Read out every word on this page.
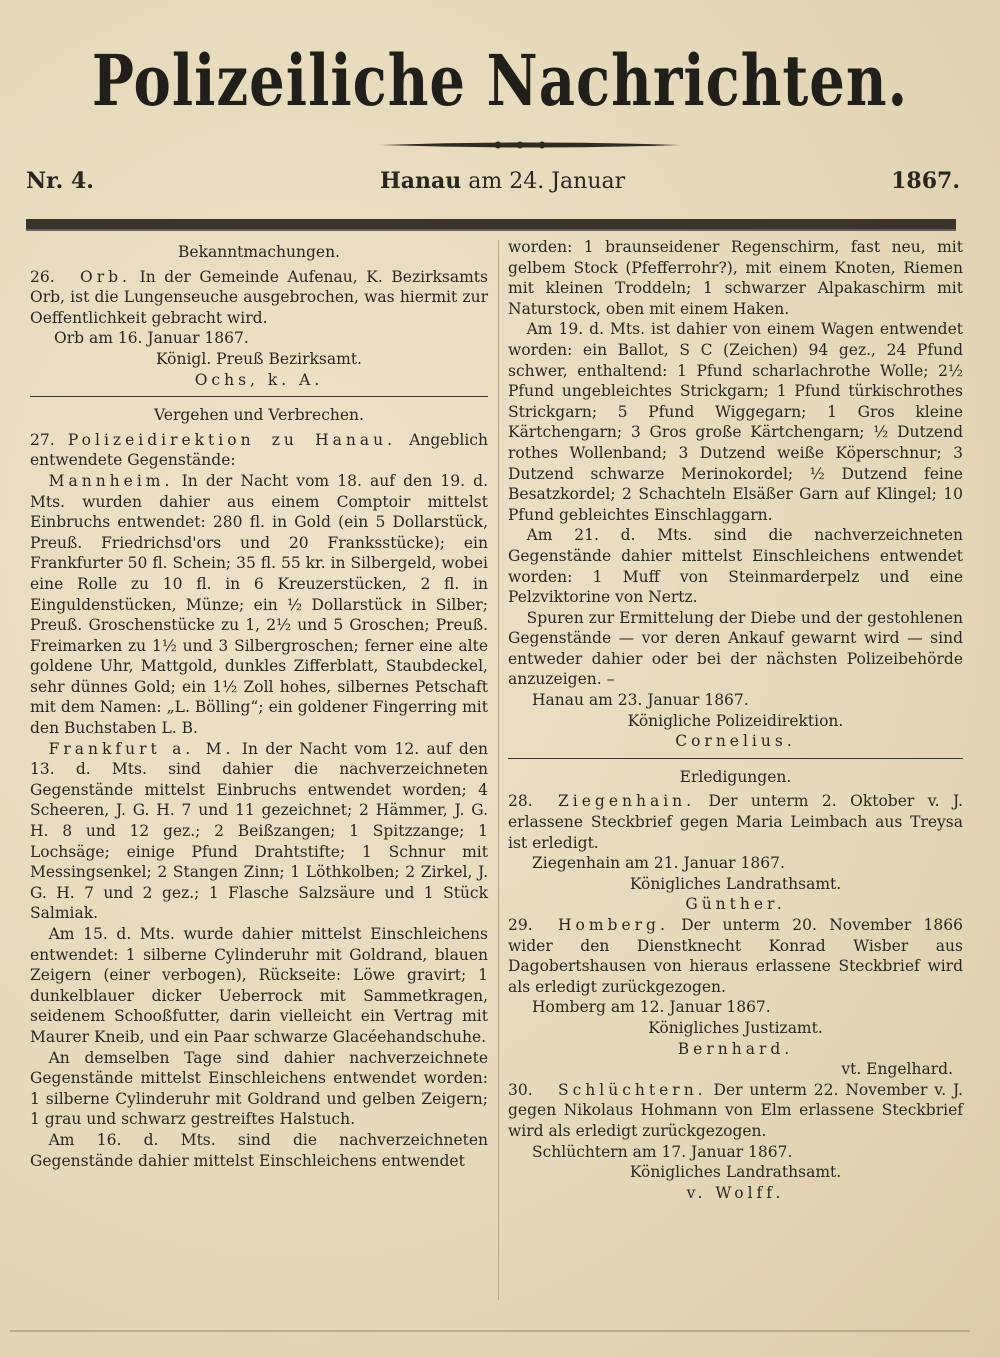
Polizeiliche Nachrichten.
Nr. 4.	Hanau am 24. Januar	1867.
Bekanntmachungen.

26. Orb. In der Gemeinde Aufenau, K. Bezirksamts Orb, ist die Lungenseuche ausgebrochen, was hiermit zur Oeffentlichkeit gebracht wird.

Orb am 16. Januar 1867.

Königl. Preuß Bezirksamt.

Ochs, k. A.

Vergehen und Verbrechen.

27. Polizeidirektion zu Hanau. Angeblich entwendete Gegenstände:

Mannheim. In der Nacht vom 18. auf den 19. d. Mts. wurden dahier aus einem Comptoir mittelst Einbruchs entwendet: 280 fl. in Gold (ein 5 Dollarstück, Preuß. Friedrichsd'ors und 20 Franksstücke); ein Frankfurter 50 fl. Schein; 35 fl. 55 kr. in Silbergeld, wobei eine Rolle zu 10 fl. in 6 Kreuzerstücken, 2 fl. in Einguldenstücken, Münze; ein ½ Dollarstück in Silber; Preuß. Groschenstücke zu 1, 2½ und 5 Groschen; Preuß. Freimarken zu 1½ und 3 Silbergroschen; ferner eine alte goldene Uhr, Mattgold, dunkles Zifferblatt, Staubdeckel, sehr dünnes Gold; ein 1½ Zoll hohes, silbernes Petschaft mit dem Namen: „L. Bölling“; ein goldener Fingerring mit den Buchstaben L. B.

Frankfurt a. M. In der Nacht vom 12. auf den 13. d. Mts. sind dahier die nachverzeichneten Gegenstände mittelst Einbruchs entwendet worden; 4 Scheeren, J. G. H. 7 und 11 gezeichnet; 2 Hämmer, J. G. H. 8 und 12 gez.; 2 Beißzangen; 1 Spitzzange; 1 Lochsäge; einige Pfund Drahtstifte; 1 Schnur mit Messingsenkel; 2 Stangen Zinn; 1 Löthkolben; 2 Zirkel, J. G. H. 7 und 2 gez.; 1 Flasche Salzsäure und 1 Stück Salmiak.

Am 15. d. Mts. wurde dahier mittelst Einschleichens entwendet: 1 silberne Cylinderuhr mit Goldrand, blauen Zeigern (einer verbogen), Rückseite: Löwe gravirt; 1 dunkelblauer dicker Ueberrock mit Sammetkragen, seidenem Schooßfutter, darin vielleicht ein Vertrag mit Maurer Kneib, und ein Paar schwarze Glacéehandschuhe.

An demselben Tage sind dahier nachverzeichnete Gegenstände mittelst Einschleichens entwendet worden: 1 silberne Cylinderuhr mit Goldrand und gelben Zeigern; 1 grau und schwarz gestreiftes Halstuch.

Am 16. d. Mts. sind die nachverzeichneten Gegenstände dahier mittelst Einschleichens entwendet

worden: 1 braunseidener Regenschirm, fast neu, mit gelbem Stock (Pfefferrohr?), mit einem Knoten, Riemen mit kleinen Troddeln; 1 schwarzer Alpakaschirm mit Naturstock, oben mit einem Haken.

Am 19. d. Mts. ist dahier von einem Wagen entwendet worden: ein Ballot, S C (Zeichen) 94 gez., 24 Pfund schwer, enthaltend: 1 Pfund scharlachrothe Wolle; 2½ Pfund ungebleichtes Strickgarn; 1 Pfund türkischrothes Strickgarn; 5 Pfund Wiggegarn; 1 Gros kleine Kärtchengarn; 3 Gros große Kärtchengarn; ½ Dutzend rothes Wollenband; 3 Dutzend weiße Köperschnur; 3 Dutzend schwarze Merinokordel; ½ Dutzend feine Besatzkordel; 2 Schachteln Elsäßer Garn auf Klingel; 10 Pfund gebleichtes Einschlaggarn.

Am 21. d. Mts. sind die nachverzeichneten Gegenstände dahier mittelst Einschleichens entwendet worden: 1 Muff von Steinmarderpelz und eine Pelzviktorine von Nertz.

Spuren zur Ermittelung der Diebe und der gestohlenen Gegenstände — vor deren Ankauf gewarnt wird — sind entweder dahier oder bei der nächsten Polizeibehörde anzuzeigen. –

Hanau am 23. Januar 1867.

Königliche Polizeidirektion.

Cornelius.

Erledigungen.

28. Ziegenhain. Der unterm 2. Oktober v. J. erlassene Steckbrief gegen Maria Leimbach aus Treysa ist erledigt.

Ziegenhain am 21. Januar 1867.

Königliches Landrathsamt.

Günther.

29. Homberg. Der unterm 20. November 1866 wider den Dienstknecht Konrad Wisber aus Dagobertshausen von hieraus erlassene Steckbrief wird als erledigt zurückgezogen.

Homberg am 12. Januar 1867.

Königliches Justizamt.

Bernhard.

vt. Engelhard.

30. Schlüchtern. Der unterm 22. November v. J. gegen Nikolaus Hohmann von Elm erlassene Steckbrief wird als erledigt zurückgezogen.

Schlüchtern am 17. Januar 1867.

Königliches Landrathsamt.

v. Wolff.
